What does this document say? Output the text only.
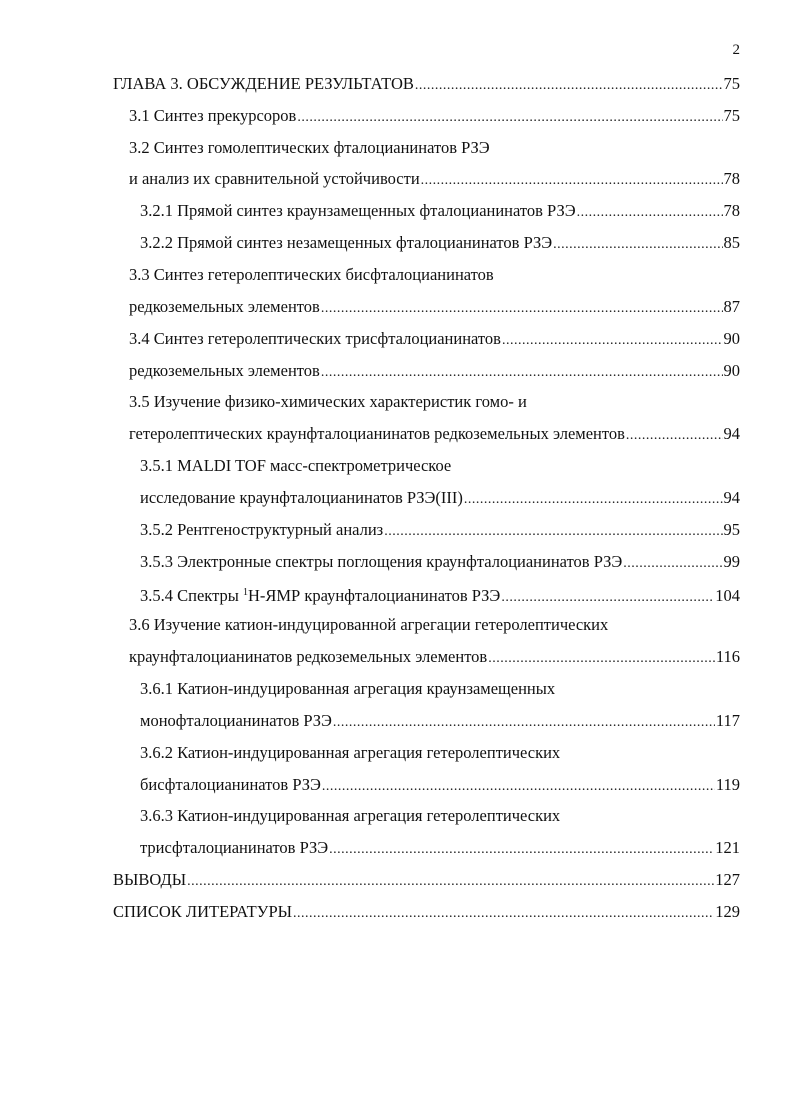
2
ГЛАВА 3. ОБСУЖДЕНИЕ РЕЗУЛЬТАТОВ .....	75
3.1 Синтез прекурсоров .....	75
3.2 Синтез гомолептических фталоцианинатов РЗЭ
и анализ их сравнительной устойчивости .....	78
3.2.1 Прямой синтез краунзамещенных фталоцианинатов РЗЭ .....	78
3.2.2 Прямой синтез незамещенных фталоцианинатов РЗЭ .....	85
3.3 Синтез гетеролептических бисфталоцианинатов
редкоземельных элементов .....	87
3.4 Синтез гетеролептических трисфталоцианинатов .....	90
редкоземельных элементов .....	90
3.5 Изучение физико-химических характеристик гомо- и
гетеролептических краунфталоцианинатов редкоземельных элементов .....	94
3.5.1 MALDI TOF масс-спектрометрическое
исследование краунфталоцианинатов РЗЭ(III) .....	94
3.5.2 Рентгеноструктурный анализ .....	95
3.5.3 Электронные спектры поглощения краунфталоцианинатов РЗЭ .....	99
3.5.4 Спектры $^1$Н-ЯМР краунфталоцианинатов РЗЭ .....	104
3.6 Изучение катион-индуцированной агрегации гетеролептических
краунфталоцианинатов редкоземельных элементов .....	116
3.6.1 Катион-индуцированная агрегация краунзамещенных
монофталоцианинатов РЗЭ .....	117
3.6.2 Катион-индуцированная агрегация гетеролептических
бисфталоцианинатов РЗЭ .....	119
3.6.3 Катион-индуцированная агрегация гетеролептических
трисфталоцианинатов РЗЭ .....	121
ВЫВОДЫ .....	127
СПИСОК ЛИТЕРАТУРЫ .....	129
